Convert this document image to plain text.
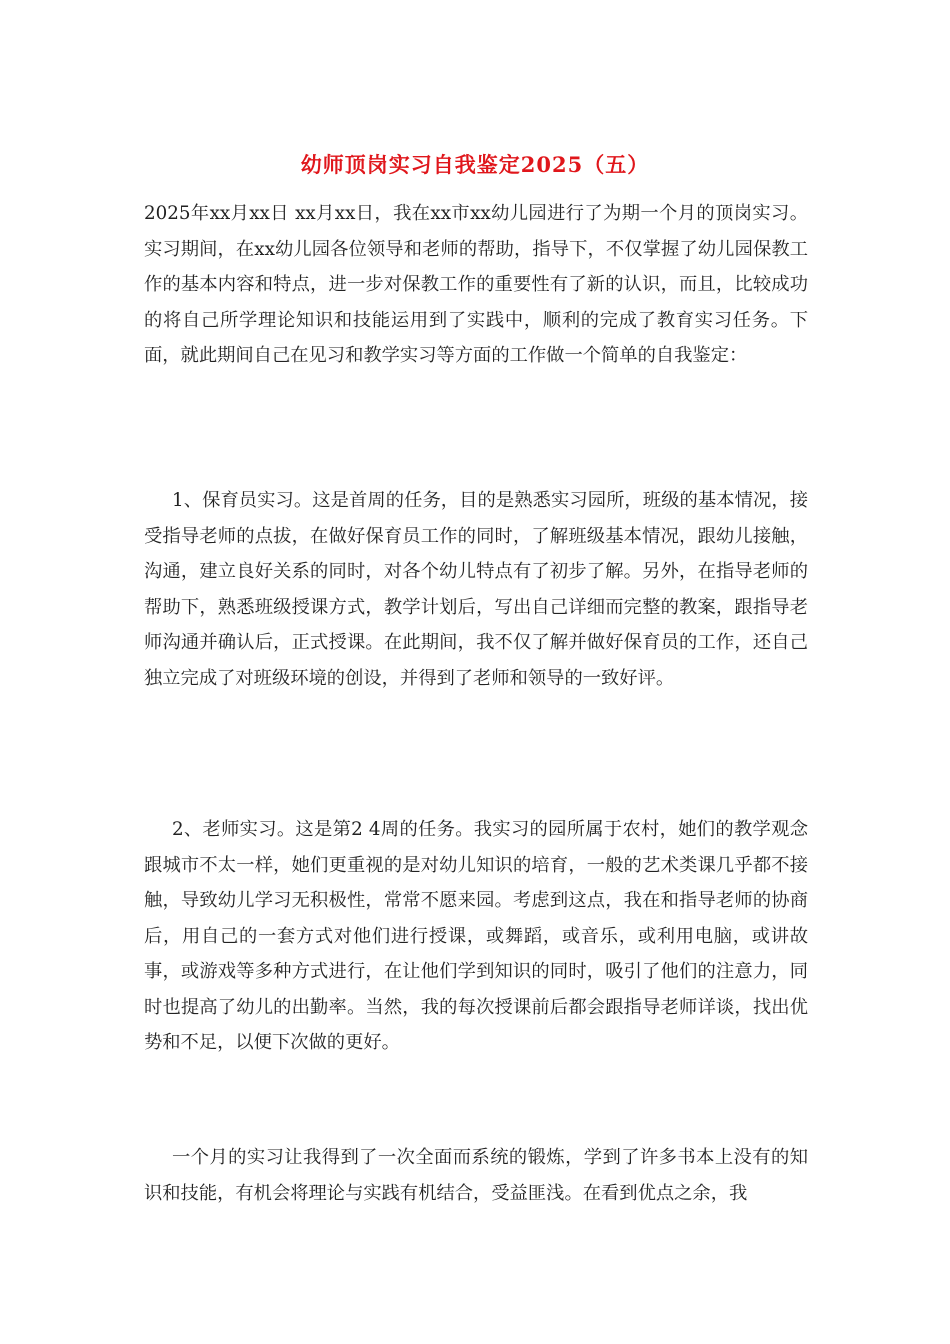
幼师顶岗实习自我鉴定2025（五）

2025年xx月xx日 xx月xx日，我在xx市xx幼儿园进行了为期一个月的顶岗实习。实习期间，在xx幼儿园各位领导和老师的帮助，指导下，不仅掌握了幼儿园保教工作的基本内容和特点，进一步对保教工作的重要性有了新的认识，而且，比较成功的将自己所学理论知识和技能运用到了实践中，顺利的完成了教育实习任务。下面，就此期间自己在见习和教学实习等方面的工作做一个简单的自我鉴定：

1、保育员实习。这是首周的任务，目的是熟悉实习园所，班级的基本情况，接受指导老师的点拔，在做好保育员工作的同时，了解班级基本情况，跟幼儿接触，沟通，建立良好关系的同时，对各个幼儿特点有了初步了解。另外，在指导老师的帮助下，熟悉班级授课方式，教学计划后，写出自己详细而完整的教案，跟指导老师沟通并确认后，正式授课。在此期间，我不仅了解并做好保育员的工作，还自己独立完成了对班级环境的创设，并得到了老师和领导的一致好评。

2、老师实习。这是第2 4周的任务。我实习的园所属于农村，她们的教学观念跟城市不太一样，她们更重视的是对幼儿知识的培育，一般的艺术类课几乎都不接触，导致幼儿学习无积极性，常常不愿来园。考虑到这点，我在和指导老师的协商后，用自己的一套方式对他们进行授课，或舞蹈，或音乐，或利用电脑，或讲故事，或游戏等多种方式进行，在让他们学到知识的同时，吸引了他们的注意力，同时也提高了幼儿的出勤率。当然，我的每次授课前后都会跟指导老师详谈，找出优势和不足，以便下次做的更好。

一个月的实习让我得到了一次全面而系统的锻炼，学到了许多书本上没有的知识和技能，有机会将理论与实践有机结合，受益匪浅。在看到优点之余，我
